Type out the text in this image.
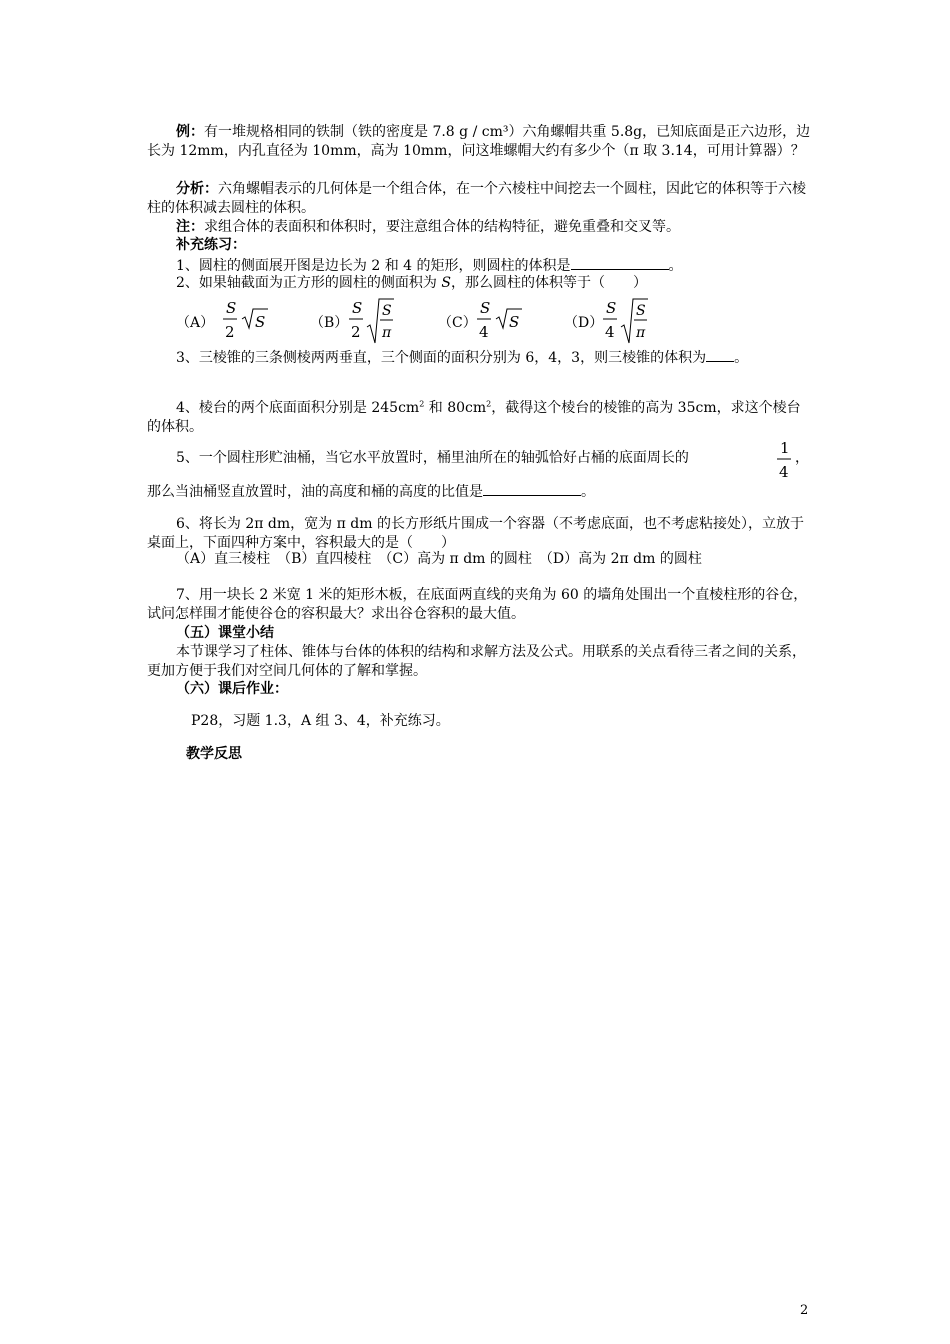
例：有一堆规格相同的铁制（铁的密度是 7.8 g / cm³）六角螺帽共重 5.8g，已知底面是正六边形，边长为 12mm，内孔直径为 10mm，高为 10mm，问这堆螺帽大约有多少个（π 取 3.14，可用计算器）？
分析：六角螺帽表示的几何体是一个组合体，在一个六棱柱中间挖去一个圆柱，因此它的体积等于六棱柱的体积减去圆柱的体积。
注：求组合体的表面积和体积时，要注意组合体的结构特征，避免重叠和交叉等。
补充练习：
1、圆柱的侧面展开图是边长为 2 和 4 的矩形，则圆柱的体积是	。
2、如果轴截面为正方形的圆柱的侧面积为 S，那么圆柱的体积等于（　　）
（A）
S
2
S	（B）
S
2
S
π
（C）
S
4
S	（D）
S
4
S
π
3、三棱锥的三条侧棱两两垂直，三个侧面的面积分别为 6，4，3，则三棱锥的体积为 。
4、棱台的两个底面面积分别是 $245cm^2$ 和 $80cm^2$，截得这个棱台的棱锥的高为 35cm，求这个棱台的体积。
5、一个圆柱形贮油桶，当它水平放置时，桶里油所在的轴弧恰好占桶的底面周长的
1
4
，
那么当油桶竖直放置时，油的高度和桶的高度的比值是	。
6、将长为 2π dm，宽为 π dm 的长方形纸片围成一个容器（不考虑底面，也不考虑粘接处），立放于桌面上，下面四种方案中，容积最大的是（　　）
（A）直三棱柱　（B）直四棱柱　（C）高为 π dm 的圆柱　（D）高为 2π dm 的圆柱
7、用一块长 2 米宽 1 米的矩形木板，在底面两直线的夹角为 60 的墙角处围出一个直棱柱形的谷仓，试问怎样围才能使谷仓的容积最大？求出谷仓容积的最大值。
（五）课堂小结
本节课学习了柱体、锥体与台体的体积的结构和求解方法及公式。用联系的关点看待三者之间的关系，更加方便于我们对空间几何体的了解和掌握。
（六）课后作业：
P28，习题 1.3，A 组 3、4，补充练习。
教学反思
2
